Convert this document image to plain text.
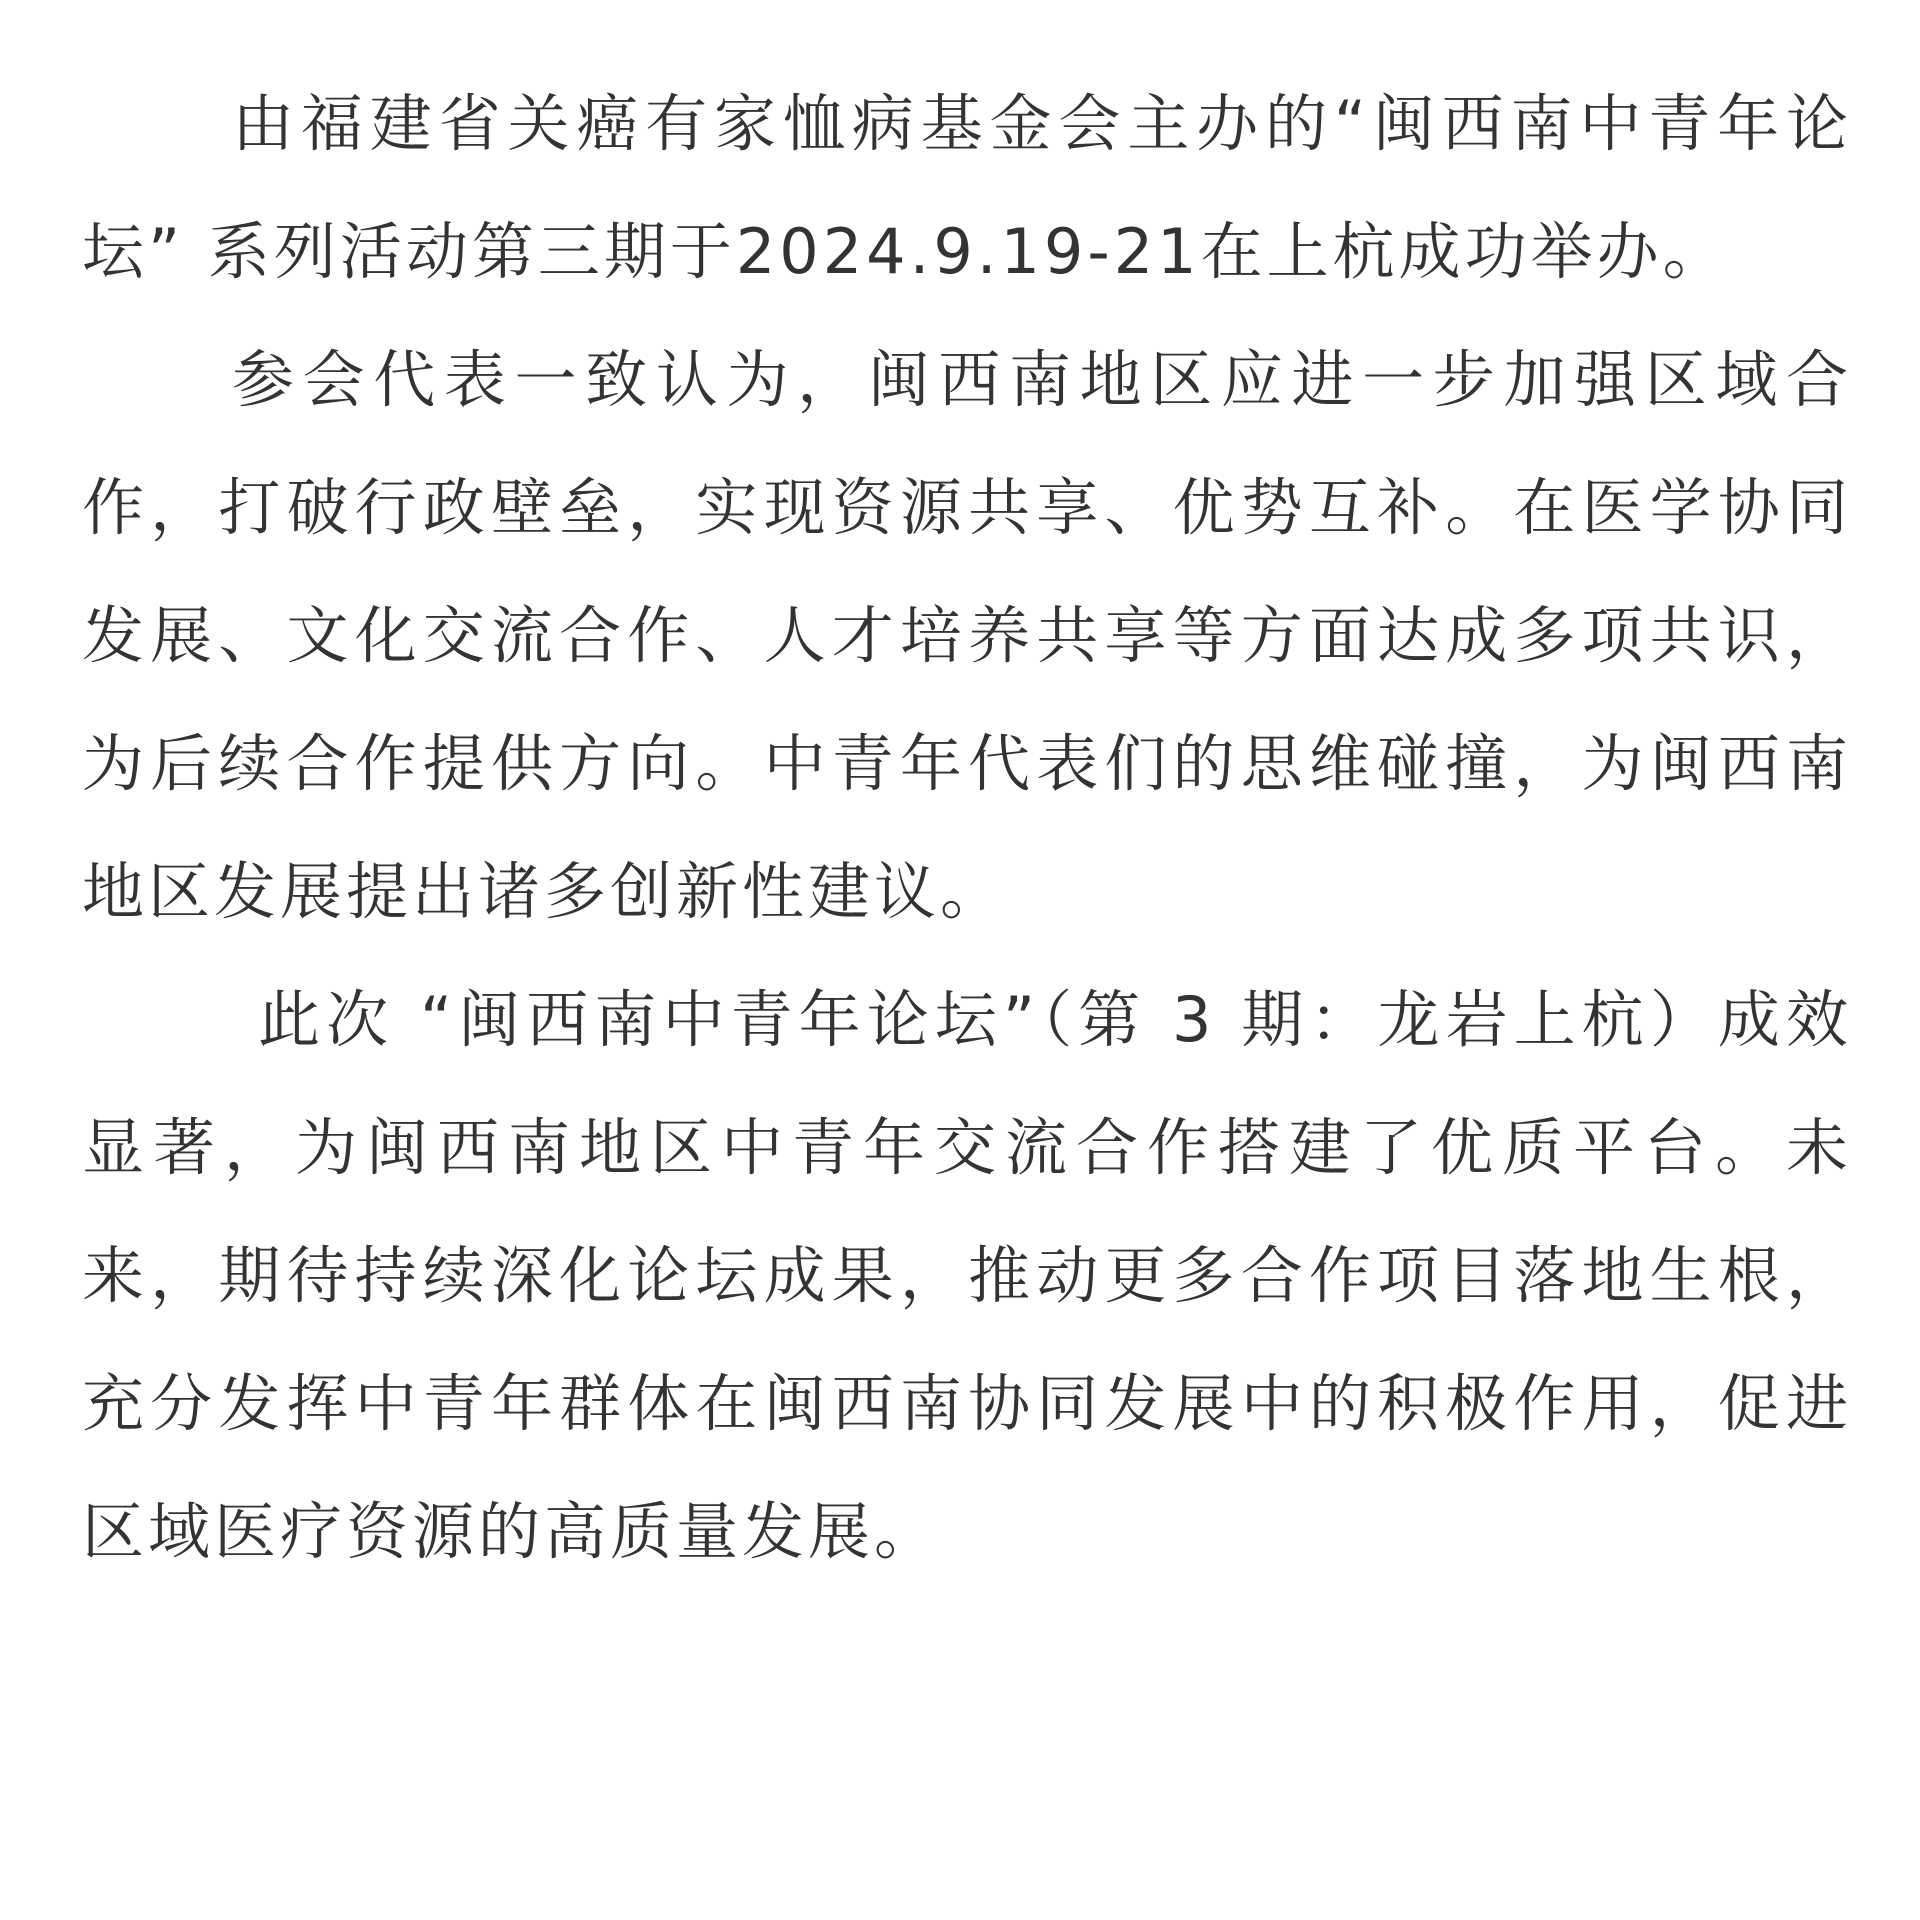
由福建省关癌有家恤病基金会主办的“闽西南中青年论坛” 系列活动第三期于2024.9.19-21在上杭成功举办。

参会代表一致认为，闽西南地区应进一步加强区域合作，打破行政壁垒，实现资源共享、优势互补。在医学协同发展、文化交流合作、人才培养共享等方面达成多项共识，为后续合作提供方向。中青年代表们的思维碰撞，为闽西南地区发展提出诸多创新性建议。

此次 “闽西南中青年论坛”（第 3 期：龙岩上杭）成效显著，为闽西南地区中青年交流合作搭建了优质平台。未来，期待持续深化论坛成果，推动更多合作项目落地生根，充分发挥中青年群体在闽西南协同发展中的积极作用，促进区域医疗资源的高质量发展。
